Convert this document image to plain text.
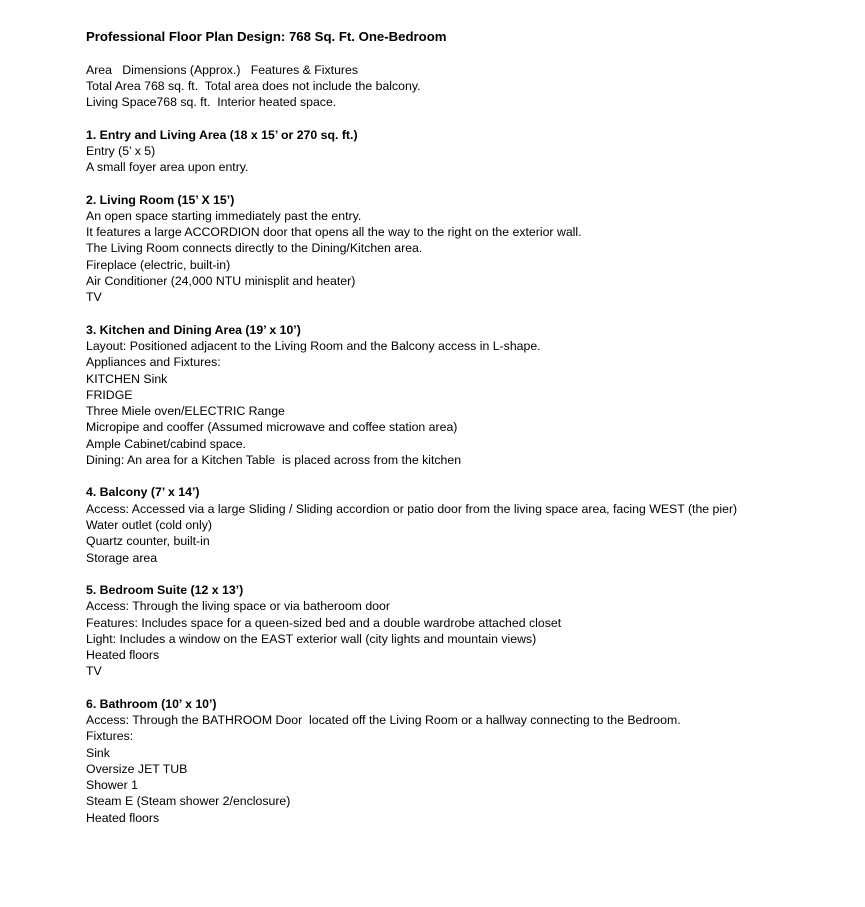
Professional Floor Plan Design: 768 Sq. Ft. One-Bedroom

Area   Dimensions (Approx.)   Features & Fixtures

Total Area 768 sq. ft.  Total area does not include the balcony.

Living Space768 sq. ft.  Interior heated space.

1. Entry and Living Area (18 x 15’ or 270 sq. ft.)

Entry (5’ x 5)

A small foyer area upon entry.

2. Living Room (15’ X 15’)

An open space starting immediately past the entry.

It features a large ACCORDION door that opens all the way to the right on the exterior wall.

The Living Room connects directly to the Dining/Kitchen area.

Fireplace (electric, built-in)

Air Conditioner (24,000 NTU minisplit and heater)

TV

3. Kitchen and Dining Area (19’ x 10’)

Layout: Positioned adjacent to the Living Room and the Balcony access in L-shape.

Appliances and Fixtures:

KITCHEN Sink

FRIDGE

Three Miele oven/ELECTRIC Range

Micropipe and cooffer (Assumed microwave and coffee station area)

Ample Cabinet/cabind space.

Dining: An area for a Kitchen Table  is placed across from the kitchen

4. Balcony (7’ x 14’)

Access: Accessed via a large Sliding / Sliding accordion or patio door from the living space area, facing WEST (the pier)

Water outlet (cold only)

Quartz counter, built-in

Storage area

5. Bedroom Suite (12 x 13’)

Access: Through the living space or via batheroom door

Features: Includes space for a queen-sized bed and a double wardrobe attached closet

Light: Includes a window on the EAST exterior wall (city lights and mountain views)

Heated floors

TV

6. Bathroom (10’ x 10’)

Access: Through the BATHROOM Door  located off the Living Room or a hallway connecting to the Bedroom.

Fixtures:

Sink

Oversize JET TUB

Shower 1

Steam E (Steam shower 2/enclosure)

Heated floors
